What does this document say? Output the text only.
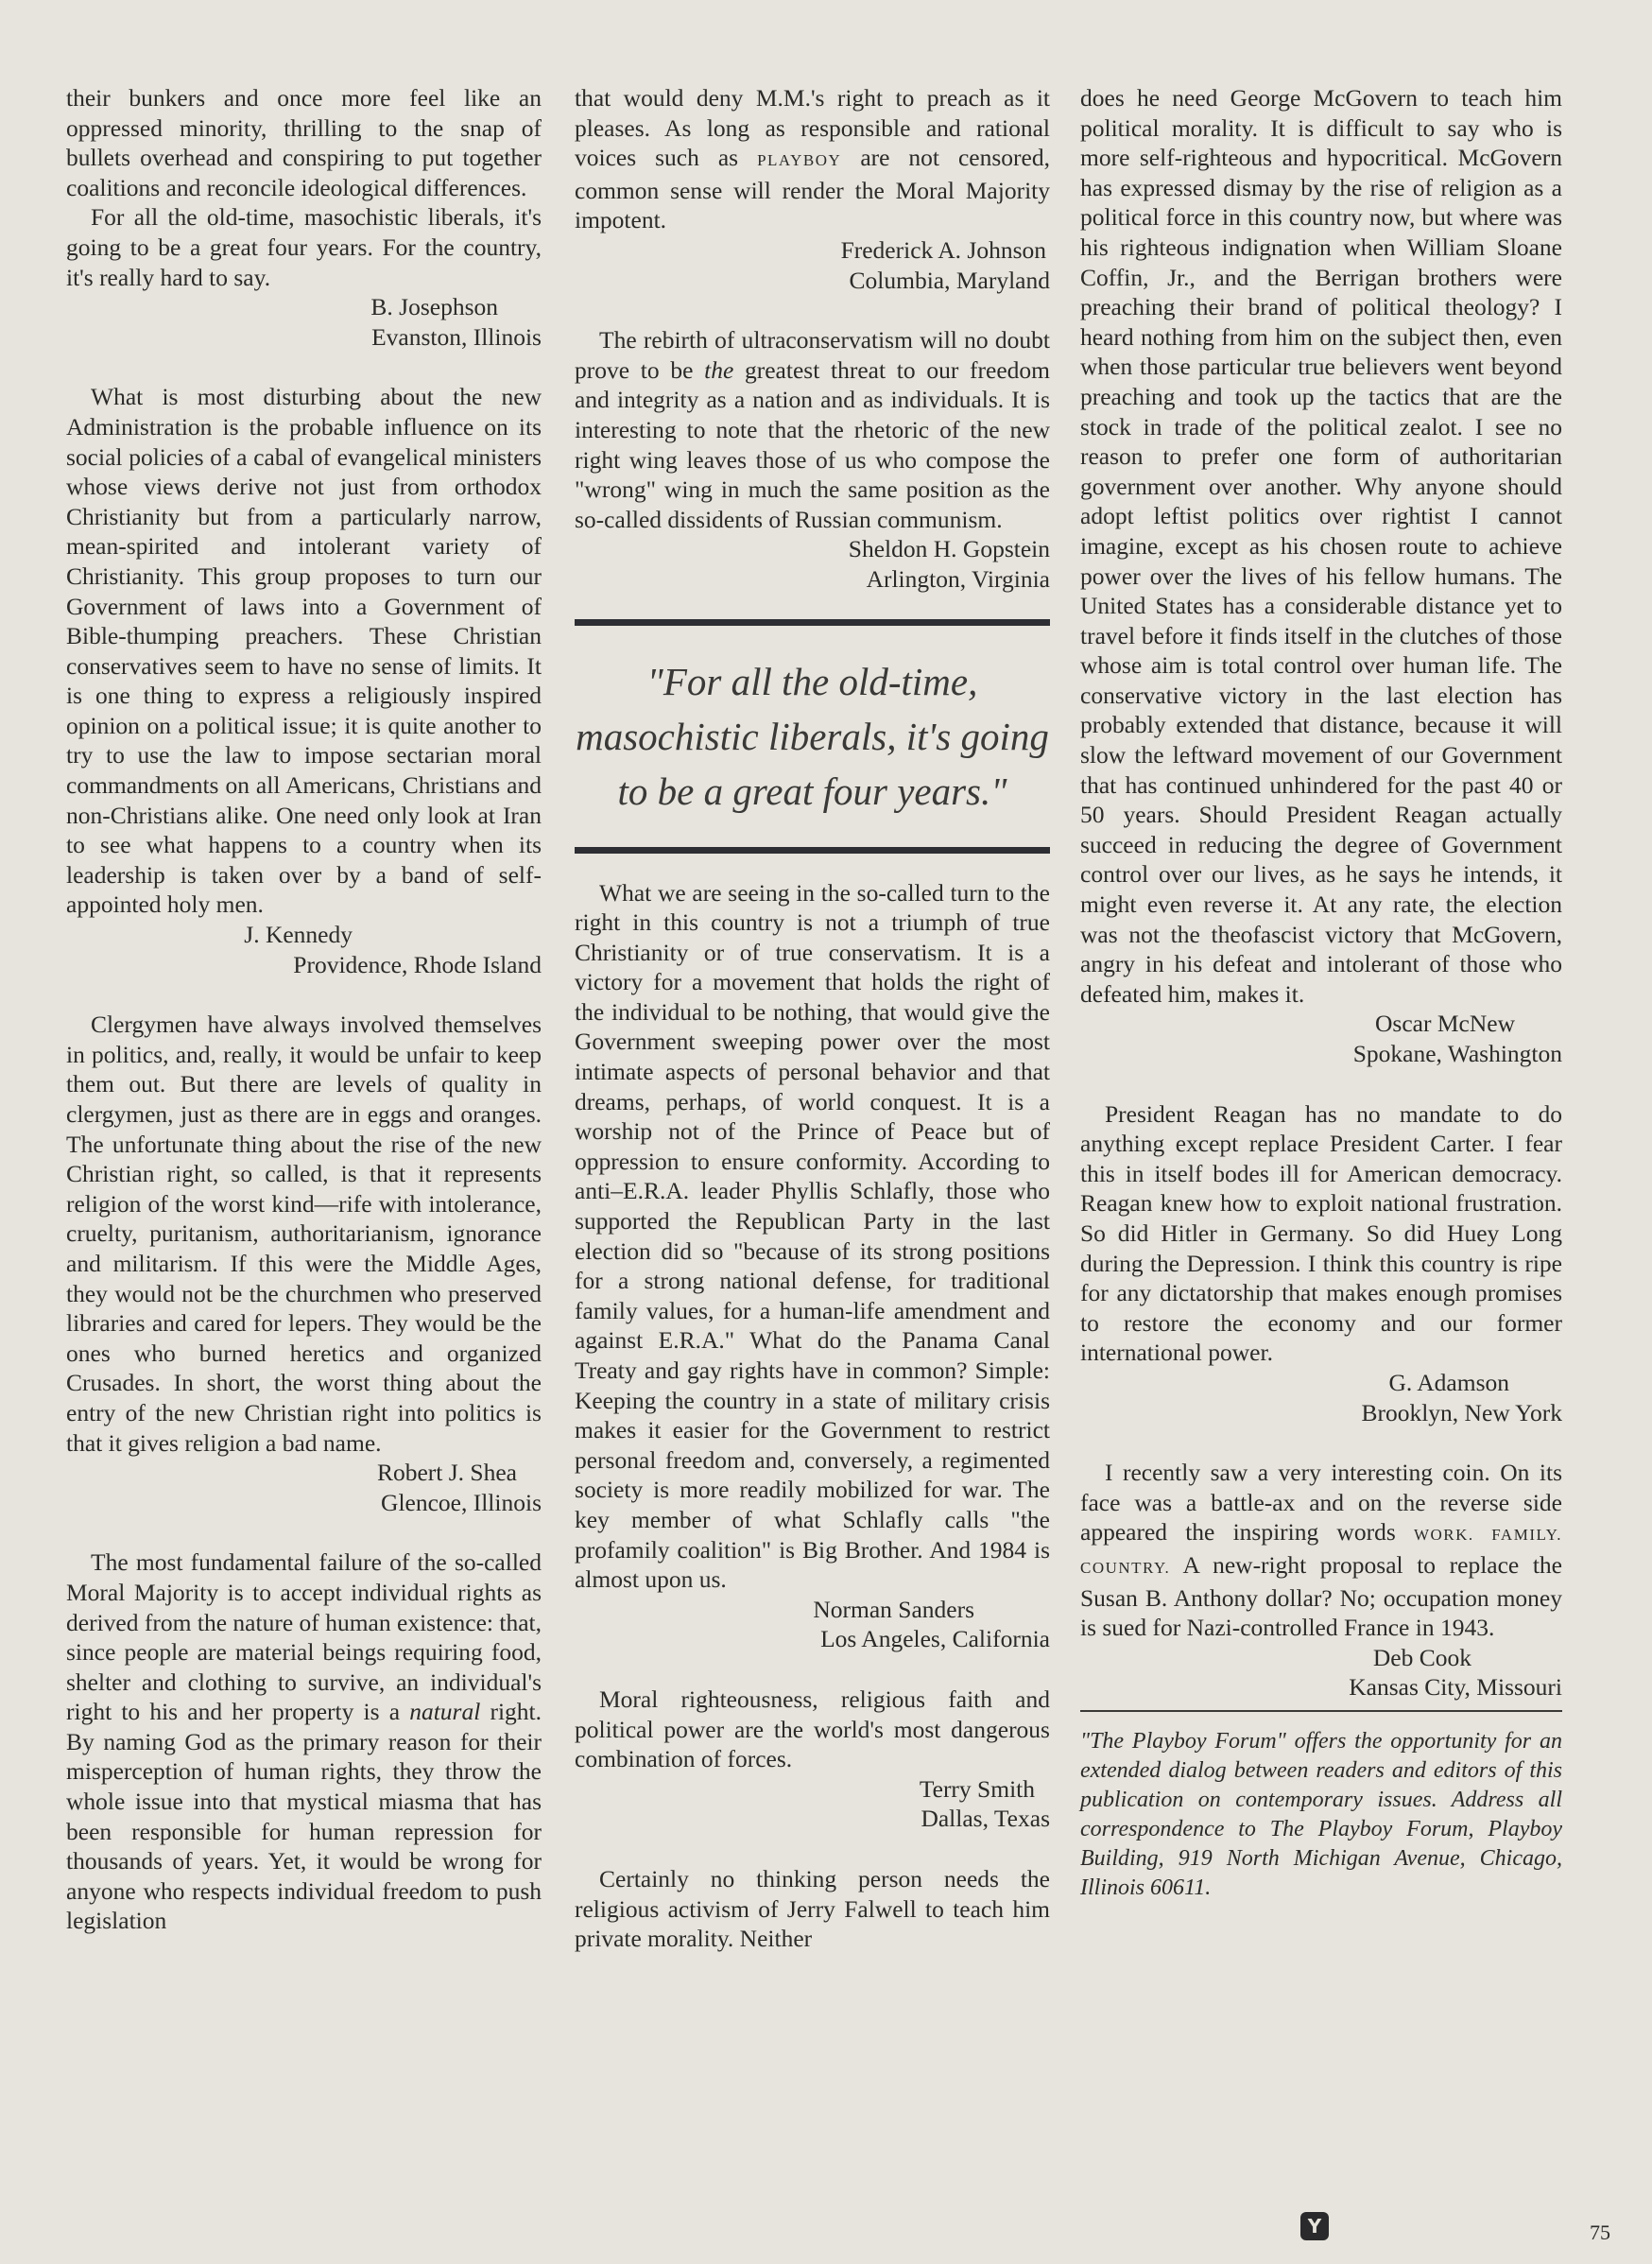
their bunkers and once more feel like an oppressed minority, thrilling to the snap of bullets overhead and conspiring to put together coalitions and reconcile ideological differences.

For all the old-time, masochistic liberals, it's going to be a great four years. For the country, it's really hard to say.

B. Josephson
Evanston, Illinois

What is most disturbing about the new Administration is the probable influence on its social policies of a cabal of evangelical ministers whose views derive not just from orthodox Christianity but from a particularly narrow, mean-spirited and intolerant variety of Christianity. This group proposes to turn our Government of laws into a Government of Bible-thumping preachers. These Christian conservatives seem to have no sense of limits. It is one thing to express a religiously inspired opinion on a political issue; it is quite another to try to use the law to impose sectarian moral commandments on all Americans, Christians and non-Christians alike. One need only look at Iran to see what happens to a country when its leadership is taken over by a band of self-appointed holy men.

J. Kennedy
Providence, Rhode Island

Clergymen have always involved themselves in politics, and, really, it would be unfair to keep them out. But there are levels of quality in clergymen, just as there are in eggs and oranges. The unfortunate thing about the rise of the new Christian right, so called, is that it represents religion of the worst kind—rife with intolerance, cruelty, puritanism, authoritarianism, ignorance and militarism. If this were the Middle Ages, they would not be the churchmen who preserved libraries and cared for lepers. They would be the ones who burned heretics and organized Crusades. In short, the worst thing about the entry of the new Christian right into politics is that it gives religion a bad name.

Robert J. Shea
Glencoe, Illinois

The most fundamental failure of the so-called Moral Majority is to accept individual rights as derived from the nature of human existence: that, since people are material beings requiring food, shelter and clothing to survive, an individual's right to his and her property is a natural right. By naming God as the primary reason for their misperception of human rights, they throw the whole issue into that mystical miasma that has been responsible for human repression for thousands of years. Yet, it would be wrong for anyone who respects individual freedom to push legislation

that would deny M.M.'s right to preach as it pleases. As long as responsible and rational voices such as PLAYBOY are not censored, common sense will render the Moral Majority impotent.

Frederick A. Johnson
Columbia, Maryland

The rebirth of ultraconservatism will no doubt prove to be the greatest threat to our freedom and integrity as a nation and as individuals. It is interesting to note that the rhetoric of the new right wing leaves those of us who compose the "wrong" wing in much the same position as the so-called dissidents of Russian communism.

Sheldon H. Gopstein
Arlington, Virginia

"For all the old-time, masochistic liberals, it's going to be a great four years."

What we are seeing in the so-called turn to the right in this country is not a triumph of true Christianity or of true conservatism. It is a victory for a movement that holds the right of the individual to be nothing, that would give the Government sweeping power over the most intimate aspects of personal behavior and that dreams, perhaps, of world conquest. It is a worship not of the Prince of Peace but of oppression to ensure conformity. According to anti–E.R.A. leader Phyllis Schlafly, those who supported the Republican Party in the last election did so "because of its strong positions for a strong national defense, for traditional family values, for a human-life amendment and against E.R.A." What do the Panama Canal Treaty and gay rights have in common? Simple: Keeping the country in a state of military crisis makes it easier for the Government to restrict personal freedom and, conversely, a regimented society is more readily mobilized for war. The key member of what Schlafly calls "the profamily coalition" is Big Brother. And 1984 is almost upon us.

Norman Sanders
Los Angeles, California

Moral righteousness, religious faith and political power are the world's most dangerous combination of forces.

Terry Smith
Dallas, Texas

Certainly no thinking person needs the religious activism of Jerry Falwell to teach him private morality. Neither

does he need George McGovern to teach him political morality. It is difficult to say who is more self-righteous and hypocritical. McGovern has expressed dismay by the rise of religion as a political force in this country now, but where was his righteous indignation when William Sloane Coffin, Jr., and the Berrigan brothers were preaching their brand of political theology? I heard nothing from him on the subject then, even when those particular true believers went beyond preaching and took up the tactics that are the stock in trade of the political zealot. I see no reason to prefer one form of authoritarian government over another. Why anyone should adopt leftist politics over rightist I cannot imagine, except as his chosen route to achieve power over the lives of his fellow humans. The United States has a considerable distance yet to travel before it finds itself in the clutches of those whose aim is total control over human life. The conservative victory in the last election has probably extended that distance, because it will slow the leftward movement of our Government that has continued unhindered for the past 40 or 50 years. Should President Reagan actually succeed in reducing the degree of Government control over our lives, as he says he intends, it might even reverse it. At any rate, the election was not the theofascist victory that McGovern, angry in his defeat and intolerant of those who defeated him, makes it.

Oscar McNew
Spokane, Washington

President Reagan has no mandate to do anything except replace President Carter. I fear this in itself bodes ill for American democracy. Reagan knew how to exploit national frustration. So did Hitler in Germany. So did Huey Long during the Depression. I think this country is ripe for any dictatorship that makes enough promises to restore the economy and our former international power.

G. Adamson
Brooklyn, New York

I recently saw a very interesting coin. On its face was a battle-ax and on the reverse side appeared the inspiring words WORK. FAMILY. COUNTRY. A new-right proposal to replace the Susan B. Anthony dollar? No; occupation money is sued for Nazi-controlled France in 1943.

Deb Cook
Kansas City, Missouri

"The Playboy Forum" offers the opportunity for an extended dialog between readers and editors of this publication on contemporary issues. Address all correspondence to The Playboy Forum, Playboy Building, 919 North Michigan Avenue, Chicago, Illinois 60611.
Y	75
